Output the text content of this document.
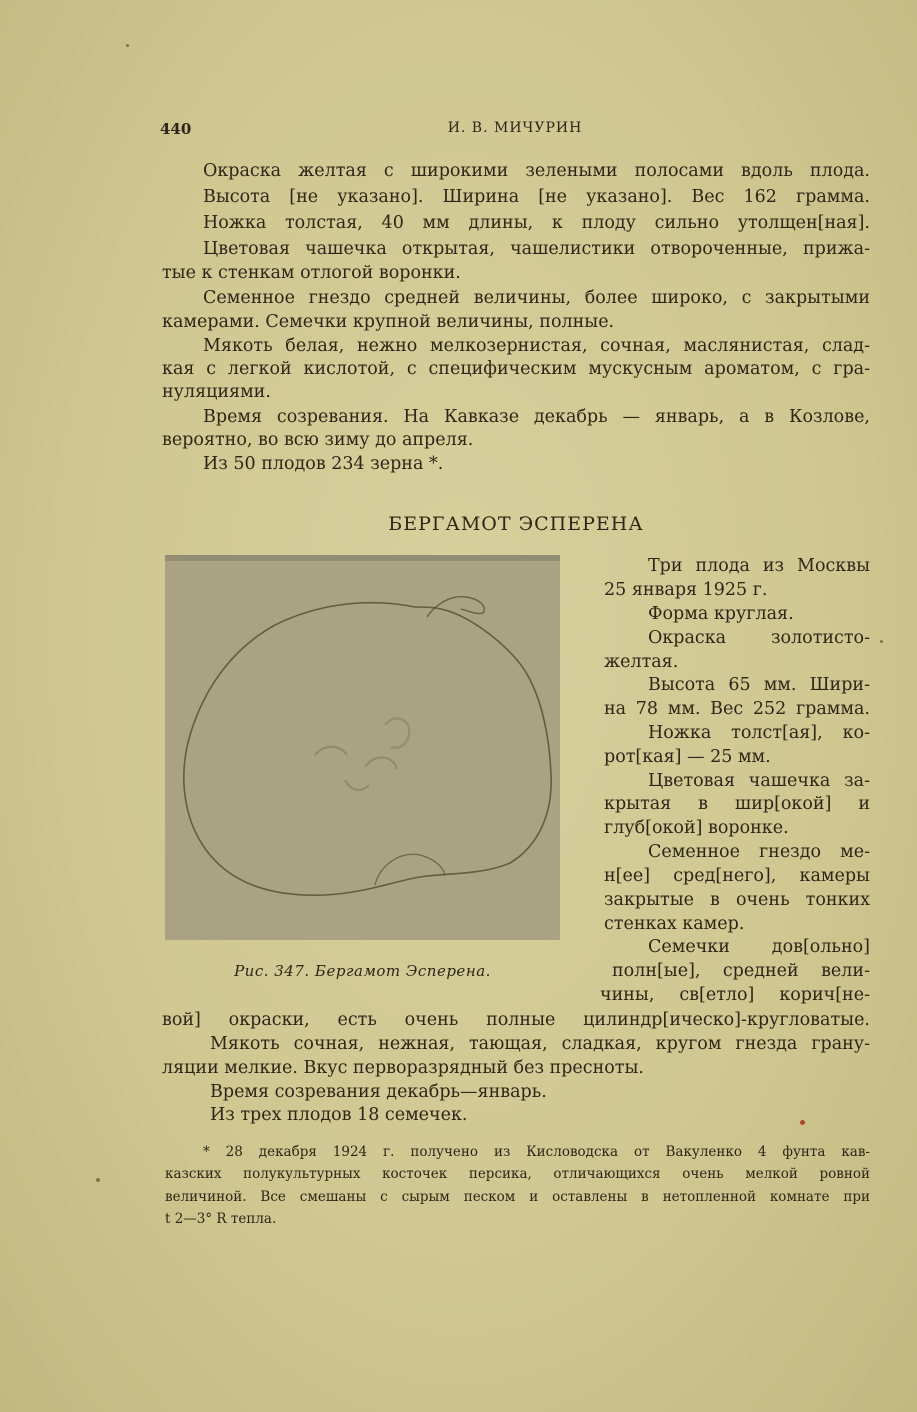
440	И. В. МИЧУРИН
Окраска желтая с широкими зелеными полосами вдоль плода.
Высота [не указано]. Ширина [не указано]. Вес 162 грамма.
Ножка толстая, 40 мм длины, к плоду сильно утолщен[ная].
Цветовая чашечка открытая, чашелистики отвороченные, прижа-
тые к стенкам отлогой воронки.
Семенное гнездо средней величины, более широко, с закрытыми
камерами. Семечки крупной величины, полные.
Мякоть белая, нежно мелкозернистая, сочная, маслянистая, слад-
кая с легкой кислотой, с специфическим мускусным ароматом, с гра-
нуляциями.
Время созревания. На Кавказе декабрь — январь, а в Козлове,
вероятно, во всю зиму до апреля.
Из 50 плодов 234 зерна *.
БЕРГАМОТ ЭСПЕРЕНА
Рис. 347. Бергамот Эсперена.
Три плода из Москвы
25 января 1925 г.
Форма круглая.
Окраска золотисто-
желтая.
Высота 65 мм. Шири-
на 78 мм. Вес 252 грамма.
Ножка толст[ая], ко-
рот[кая] — 25 мм.
Цветовая чашечка за-
крытая в шир[окой] и
глуб[окой] воронке.
Семенное гнездо ме-
н[ее] сред[него], камеры
закрытые в очень тонких
стенках камер.
Семечки дов[ольно]
полн[ые], средней вели-
чины, св[етло] корич[не-
вой] окраски, есть очень полные цилиндр[ическо]-кругловатые.
Мякоть сочная, нежная, тающая, сладкая, кругом гнезда грану-
ляции мелкие. Вкус перворазрядный без пресноты.
Время созревания декабрь—январь.
Из трех плодов 18 семечек.
* 28 декабря 1924 г. получено из Кисловодска от Вакуленко 4 фунта кав-
казских полукультурных косточек персика, отличающихся очень мелкой ровной
величиной. Все смешаны с сырым песком и оставлены в нетопленной комнате при
t 2—3° R тепла.
